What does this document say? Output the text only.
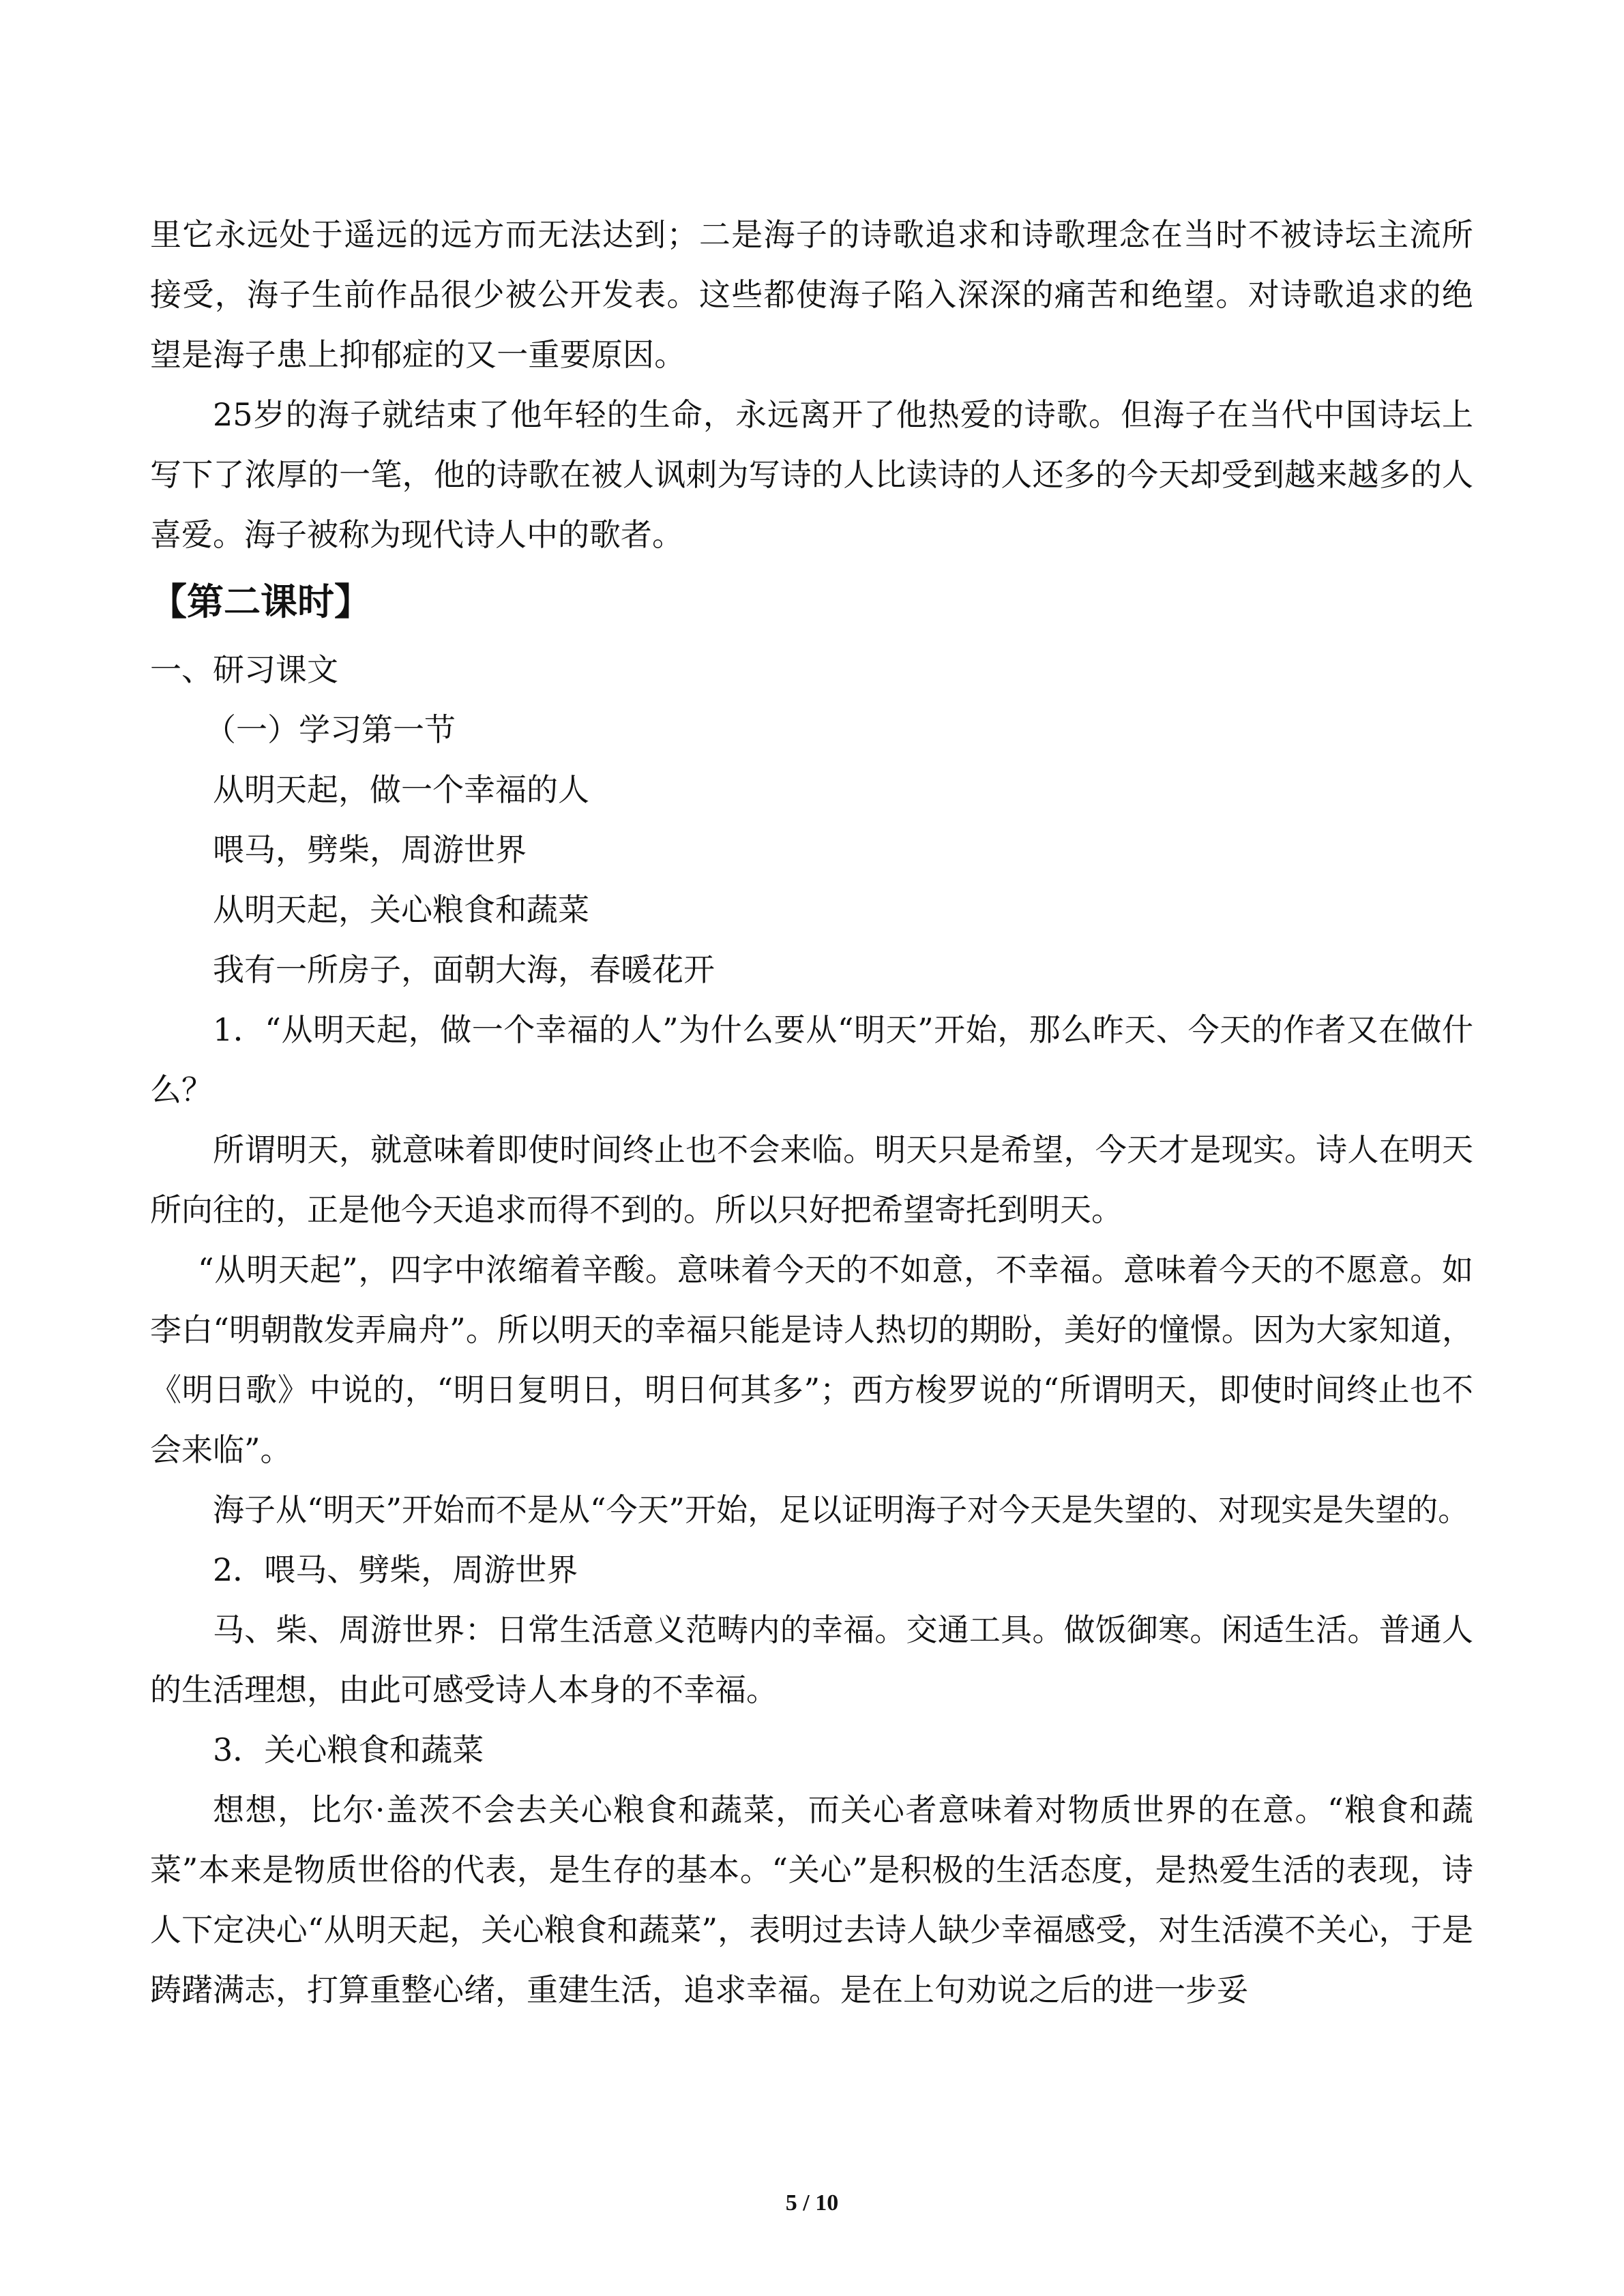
里它永远处于遥远的远方而无法达到；二是海子的诗歌追求和诗歌理念在当时不被诗坛主流所接受，海子生前作品很少被公开发表。这些都使海子陷入深深的痛苦和绝望。对诗歌追求的绝望是海子患上抑郁症的又一重要原因。

25岁的海子就结束了他年轻的生命，永远离开了他热爱的诗歌。但海子在当代中国诗坛上写下了浓厚的一笔，他的诗歌在被人讽刺为写诗的人比读诗的人还多的今天却受到越来越多的人喜爱。海子被称为现代诗人中的歌者。

【第二课时】

一、研习课文

（一）学习第一节

从明天起，做一个幸福的人

喂马，劈柴，周游世界

从明天起，关心粮食和蔬菜

我有一所房子，面朝大海，春暖花开

1．“从明天起，做一个幸福的人”为什么要从“明天”开始，那么昨天、今天的作者又在做什么？

所谓明天，就意味着即使时间终止也不会来临。明天只是希望，今天才是现实。诗人在明天所向往的，正是他今天追求而得不到的。所以只好把希望寄托到明天。

“从明天起”，四字中浓缩着辛酸。意味着今天的不如意，不幸福。意味着今天的不愿意。如李白“明朝散发弄扁舟”。所以明天的幸福只能是诗人热切的期盼，美好的憧憬。因为大家知道，《明日歌》中说的，“明日复明日，明日何其多”；西方梭罗说的“所谓明天，即使时间终止也不会来临”。

海子从“明天”开始而不是从“今天”开始，足以证明海子对今天是失望的、对现实是失望的。

2．喂马、劈柴，周游世界

马、柴、周游世界：日常生活意义范畴内的幸福。交通工具。做饭御寒。闲适生活。普通人的生活理想，由此可感受诗人本身的不幸福。

3．关心粮食和蔬菜

想想，比尔·盖茨不会去关心粮食和蔬菜，而关心者意味着对物质世界的在意。“粮食和蔬菜”本来是物质世俗的代表，是生存的基本。“关心”是积极的生活态度，是热爱生活的表现，诗人下定决心“从明天起，关心粮食和蔬菜”，表明过去诗人缺少幸福感受，对生活漠不关心，于是踌躇满志，打算重整心绪，重建生活，追求幸福。是在上句劝说之后的进一步妥

5 / 10
